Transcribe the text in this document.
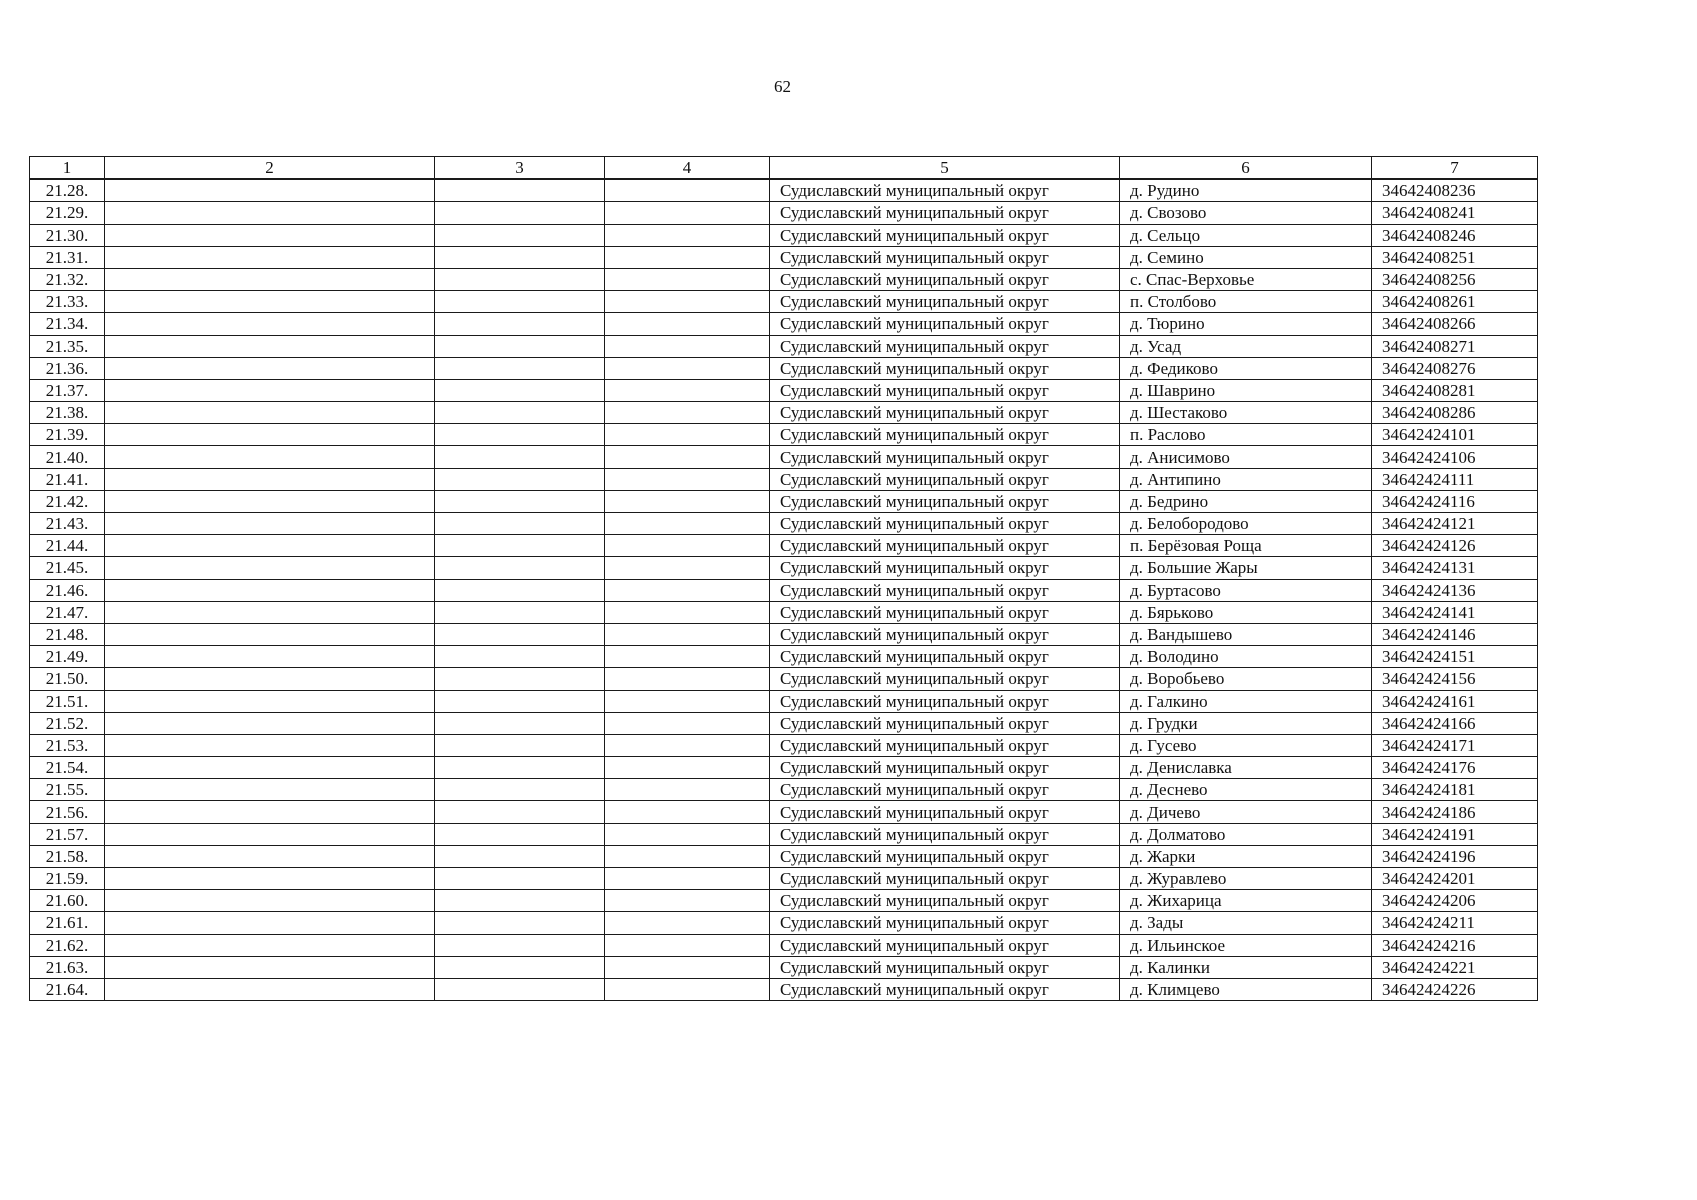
62
1	2	3	4	5	6	7
21.28.				Судиславский муниципальный округ	д. Рудино	34642408236
21.29.				Судиславский муниципальный округ	д. Свозово	34642408241
21.30.				Судиславский муниципальный округ	д. Сельцо	34642408246
21.31.				Судиславский муниципальный округ	д. Семино	34642408251
21.32.				Судиславский муниципальный округ	с. Спас-Верховье	34642408256
21.33.				Судиславский муниципальный округ	п. Столбово	34642408261
21.34.				Судиславский муниципальный округ	д. Тюрино	34642408266
21.35.				Судиславский муниципальный округ	д. Усад	34642408271
21.36.				Судиславский муниципальный округ	д. Федиково	34642408276
21.37.				Судиславский муниципальный округ	д. Шаврино	34642408281
21.38.				Судиславский муниципальный округ	д. Шестаково	34642408286
21.39.				Судиславский муниципальный округ	п. Раслово	34642424101
21.40.				Судиславский муниципальный округ	д. Анисимово	34642424106
21.41.				Судиславский муниципальный округ	д. Антипино	34642424111
21.42.				Судиславский муниципальный округ	д. Бедрино	34642424116
21.43.				Судиславский муниципальный округ	д. Белобородово	34642424121
21.44.				Судиславский муниципальный округ	п. Берёзовая Роща	34642424126
21.45.				Судиславский муниципальный округ	д. Большие Жары	34642424131
21.46.				Судиславский муниципальный округ	д. Буртасово	34642424136
21.47.				Судиславский муниципальный округ	д. Бярьково	34642424141
21.48.				Судиславский муниципальный округ	д. Вандышево	34642424146
21.49.				Судиславский муниципальный округ	д. Володино	34642424151
21.50.				Судиславский муниципальный округ	д. Воробьево	34642424156
21.51.				Судиславский муниципальный округ	д. Галкино	34642424161
21.52.				Судиславский муниципальный округ	д. Грудки	34642424166
21.53.				Судиславский муниципальный округ	д. Гусево	34642424171
21.54.				Судиславский муниципальный округ	д. Дениславка	34642424176
21.55.				Судиславский муниципальный округ	д. Деснево	34642424181
21.56.				Судиславский муниципальный округ	д. Дичево	34642424186
21.57.				Судиславский муниципальный округ	д. Долматово	34642424191
21.58.				Судиславский муниципальный округ	д. Жарки	34642424196
21.59.				Судиславский муниципальный округ	д. Журавлево	34642424201
21.60.				Судиславский муниципальный округ	д. Жихарица	34642424206
21.61.				Судиславский муниципальный округ	д. Зады	34642424211
21.62.				Судиславский муниципальный округ	д. Ильинское	34642424216
21.63.				Судиславский муниципальный округ	д. Калинки	34642424221
21.64.				Судиславский муниципальный округ	д. Климцево	34642424226
